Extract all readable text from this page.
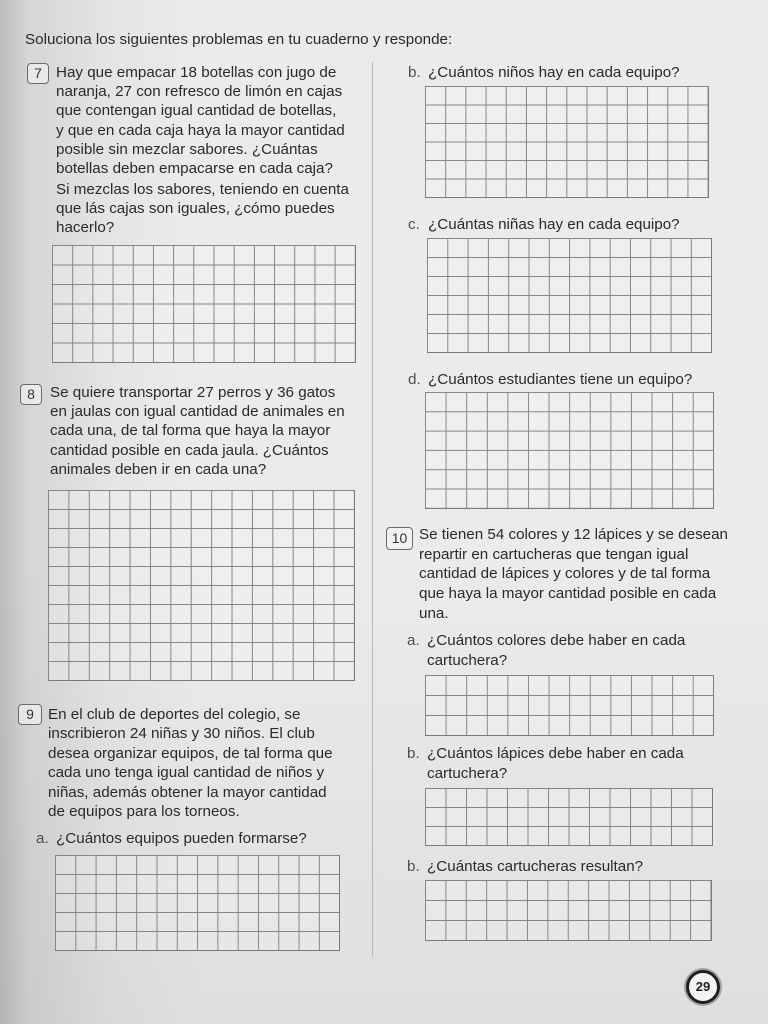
Soluciona los siguientes problemas en tu cuaderno y responde:
7 Hay que empacar 18 botellas con jugo de
naranja, 27 con refresco de limón en cajas
que contengan igual cantidad de botellas,
y que en cada caja haya la mayor cantidad
posible sin mezclar sabores. ¿Cuántas
botellas deben empacarse en cada caja?
Si mezclas los sabores, teniendo en cuenta
que lás cajas son iguales, ¿cómo puedes
hacerlo?
8 Se quiere transportar 27 perros y 36 gatos
en jaulas con igual cantidad de animales en
cada una, de tal forma que haya la mayor
cantidad posible en cada jaula. ¿Cuántos
animales deben ir en cada una?
9 En el club de deportes del colegio, se
inscribieron 24 niñas y 30 niños. El club
desea organizar equipos, de tal forma que
cada uno tenga igual cantidad de niños y
niñas, además obtener la mayor cantidad
de equipos para los torneos.
a. ¿Cuántos equipos pueden formarse?
b. ¿Cuántos niños hay en cada equipo?
c. ¿Cuántas niñas hay en cada equipo?
d. ¿Cuántos estudiantes tiene un equipo?
10 Se tienen 54 colores y 12 lápices y se desean
repartir en cartucheras que tengan igual
cantidad de lápices y colores y de tal forma
que haya la mayor cantidad posible en cada
una.
a. ¿Cuántos colores debe haber en cada
cartuchera?
b. ¿Cuántos lápices debe haber en cada
cartuchera?
b. ¿Cuántas cartucheras resultan?
29
